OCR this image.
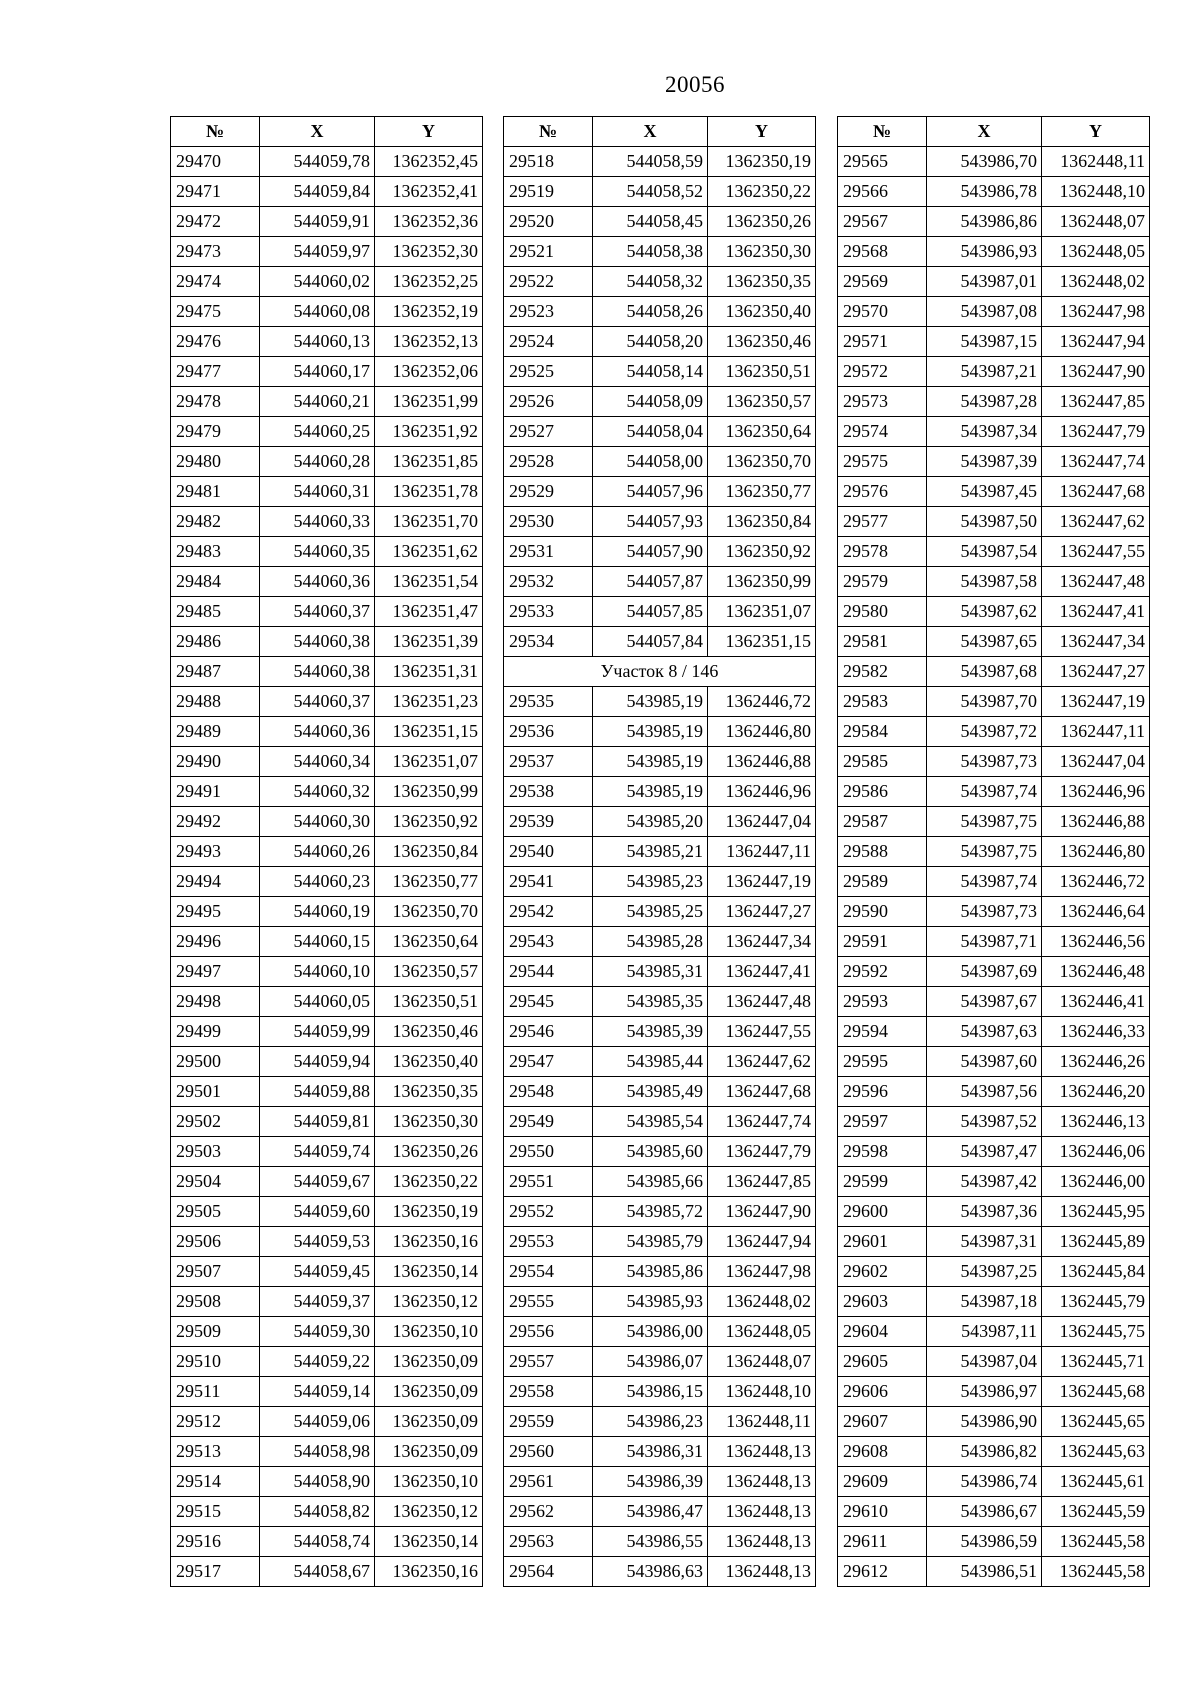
20056
№	X	Y
29470	544059,78	1362352,45
29471	544059,84	1362352,41
29472	544059,91	1362352,36
29473	544059,97	1362352,30
29474	544060,02	1362352,25
29475	544060,08	1362352,19
29476	544060,13	1362352,13
29477	544060,17	1362352,06
29478	544060,21	1362351,99
29479	544060,25	1362351,92
29480	544060,28	1362351,85
29481	544060,31	1362351,78
29482	544060,33	1362351,70
29483	544060,35	1362351,62
29484	544060,36	1362351,54
29485	544060,37	1362351,47
29486	544060,38	1362351,39
29487	544060,38	1362351,31
29488	544060,37	1362351,23
29489	544060,36	1362351,15
29490	544060,34	1362351,07
29491	544060,32	1362350,99
29492	544060,30	1362350,92
29493	544060,26	1362350,84
29494	544060,23	1362350,77
29495	544060,19	1362350,70
29496	544060,15	1362350,64
29497	544060,10	1362350,57
29498	544060,05	1362350,51
29499	544059,99	1362350,46
29500	544059,94	1362350,40
29501	544059,88	1362350,35
29502	544059,81	1362350,30
29503	544059,74	1362350,26
29504	544059,67	1362350,22
29505	544059,60	1362350,19
29506	544059,53	1362350,16
29507	544059,45	1362350,14
29508	544059,37	1362350,12
29509	544059,30	1362350,10
29510	544059,22	1362350,09
29511	544059,14	1362350,09
29512	544059,06	1362350,09
29513	544058,98	1362350,09
29514	544058,90	1362350,10
29515	544058,82	1362350,12
29516	544058,74	1362350,14
29517	544058,67	1362350,16
№	X	Y
29518	544058,59	1362350,19
29519	544058,52	1362350,22
29520	544058,45	1362350,26
29521	544058,38	1362350,30
29522	544058,32	1362350,35
29523	544058,26	1362350,40
29524	544058,20	1362350,46
29525	544058,14	1362350,51
29526	544058,09	1362350,57
29527	544058,04	1362350,64
29528	544058,00	1362350,70
29529	544057,96	1362350,77
29530	544057,93	1362350,84
29531	544057,90	1362350,92
29532	544057,87	1362350,99
29533	544057,85	1362351,07
29534	544057,84	1362351,15
Участок 8 / 146		
29535	543985,19	1362446,72
29536	543985,19	1362446,80
29537	543985,19	1362446,88
29538	543985,19	1362446,96
29539	543985,20	1362447,04
29540	543985,21	1362447,11
29541	543985,23	1362447,19
29542	543985,25	1362447,27
29543	543985,28	1362447,34
29544	543985,31	1362447,41
29545	543985,35	1362447,48
29546	543985,39	1362447,55
29547	543985,44	1362447,62
29548	543985,49	1362447,68
29549	543985,54	1362447,74
29550	543985,60	1362447,79
29551	543985,66	1362447,85
29552	543985,72	1362447,90
29553	543985,79	1362447,94
29554	543985,86	1362447,98
29555	543985,93	1362448,02
29556	543986,00	1362448,05
29557	543986,07	1362448,07
29558	543986,15	1362448,10
29559	543986,23	1362448,11
29560	543986,31	1362448,13
29561	543986,39	1362448,13
29562	543986,47	1362448,13
29563	543986,55	1362448,13
29564	543986,63	1362448,13
№	X	Y
29565	543986,70	1362448,11
29566	543986,78	1362448,10
29567	543986,86	1362448,07
29568	543986,93	1362448,05
29569	543987,01	1362448,02
29570	543987,08	1362447,98
29571	543987,15	1362447,94
29572	543987,21	1362447,90
29573	543987,28	1362447,85
29574	543987,34	1362447,79
29575	543987,39	1362447,74
29576	543987,45	1362447,68
29577	543987,50	1362447,62
29578	543987,54	1362447,55
29579	543987,58	1362447,48
29580	543987,62	1362447,41
29581	543987,65	1362447,34
29582	543987,68	1362447,27
29583	543987,70	1362447,19
29584	543987,72	1362447,11
29585	543987,73	1362447,04
29586	543987,74	1362446,96
29587	543987,75	1362446,88
29588	543987,75	1362446,80
29589	543987,74	1362446,72
29590	543987,73	1362446,64
29591	543987,71	1362446,56
29592	543987,69	1362446,48
29593	543987,67	1362446,41
29594	543987,63	1362446,33
29595	543987,60	1362446,26
29596	543987,56	1362446,20
29597	543987,52	1362446,13
29598	543987,47	1362446,06
29599	543987,42	1362446,00
29600	543987,36	1362445,95
29601	543987,31	1362445,89
29602	543987,25	1362445,84
29603	543987,18	1362445,79
29604	543987,11	1362445,75
29605	543987,04	1362445,71
29606	543986,97	1362445,68
29607	543986,90	1362445,65
29608	543986,82	1362445,63
29609	543986,74	1362445,61
29610	543986,67	1362445,59
29611	543986,59	1362445,58
29612	543986,51	1362445,58
